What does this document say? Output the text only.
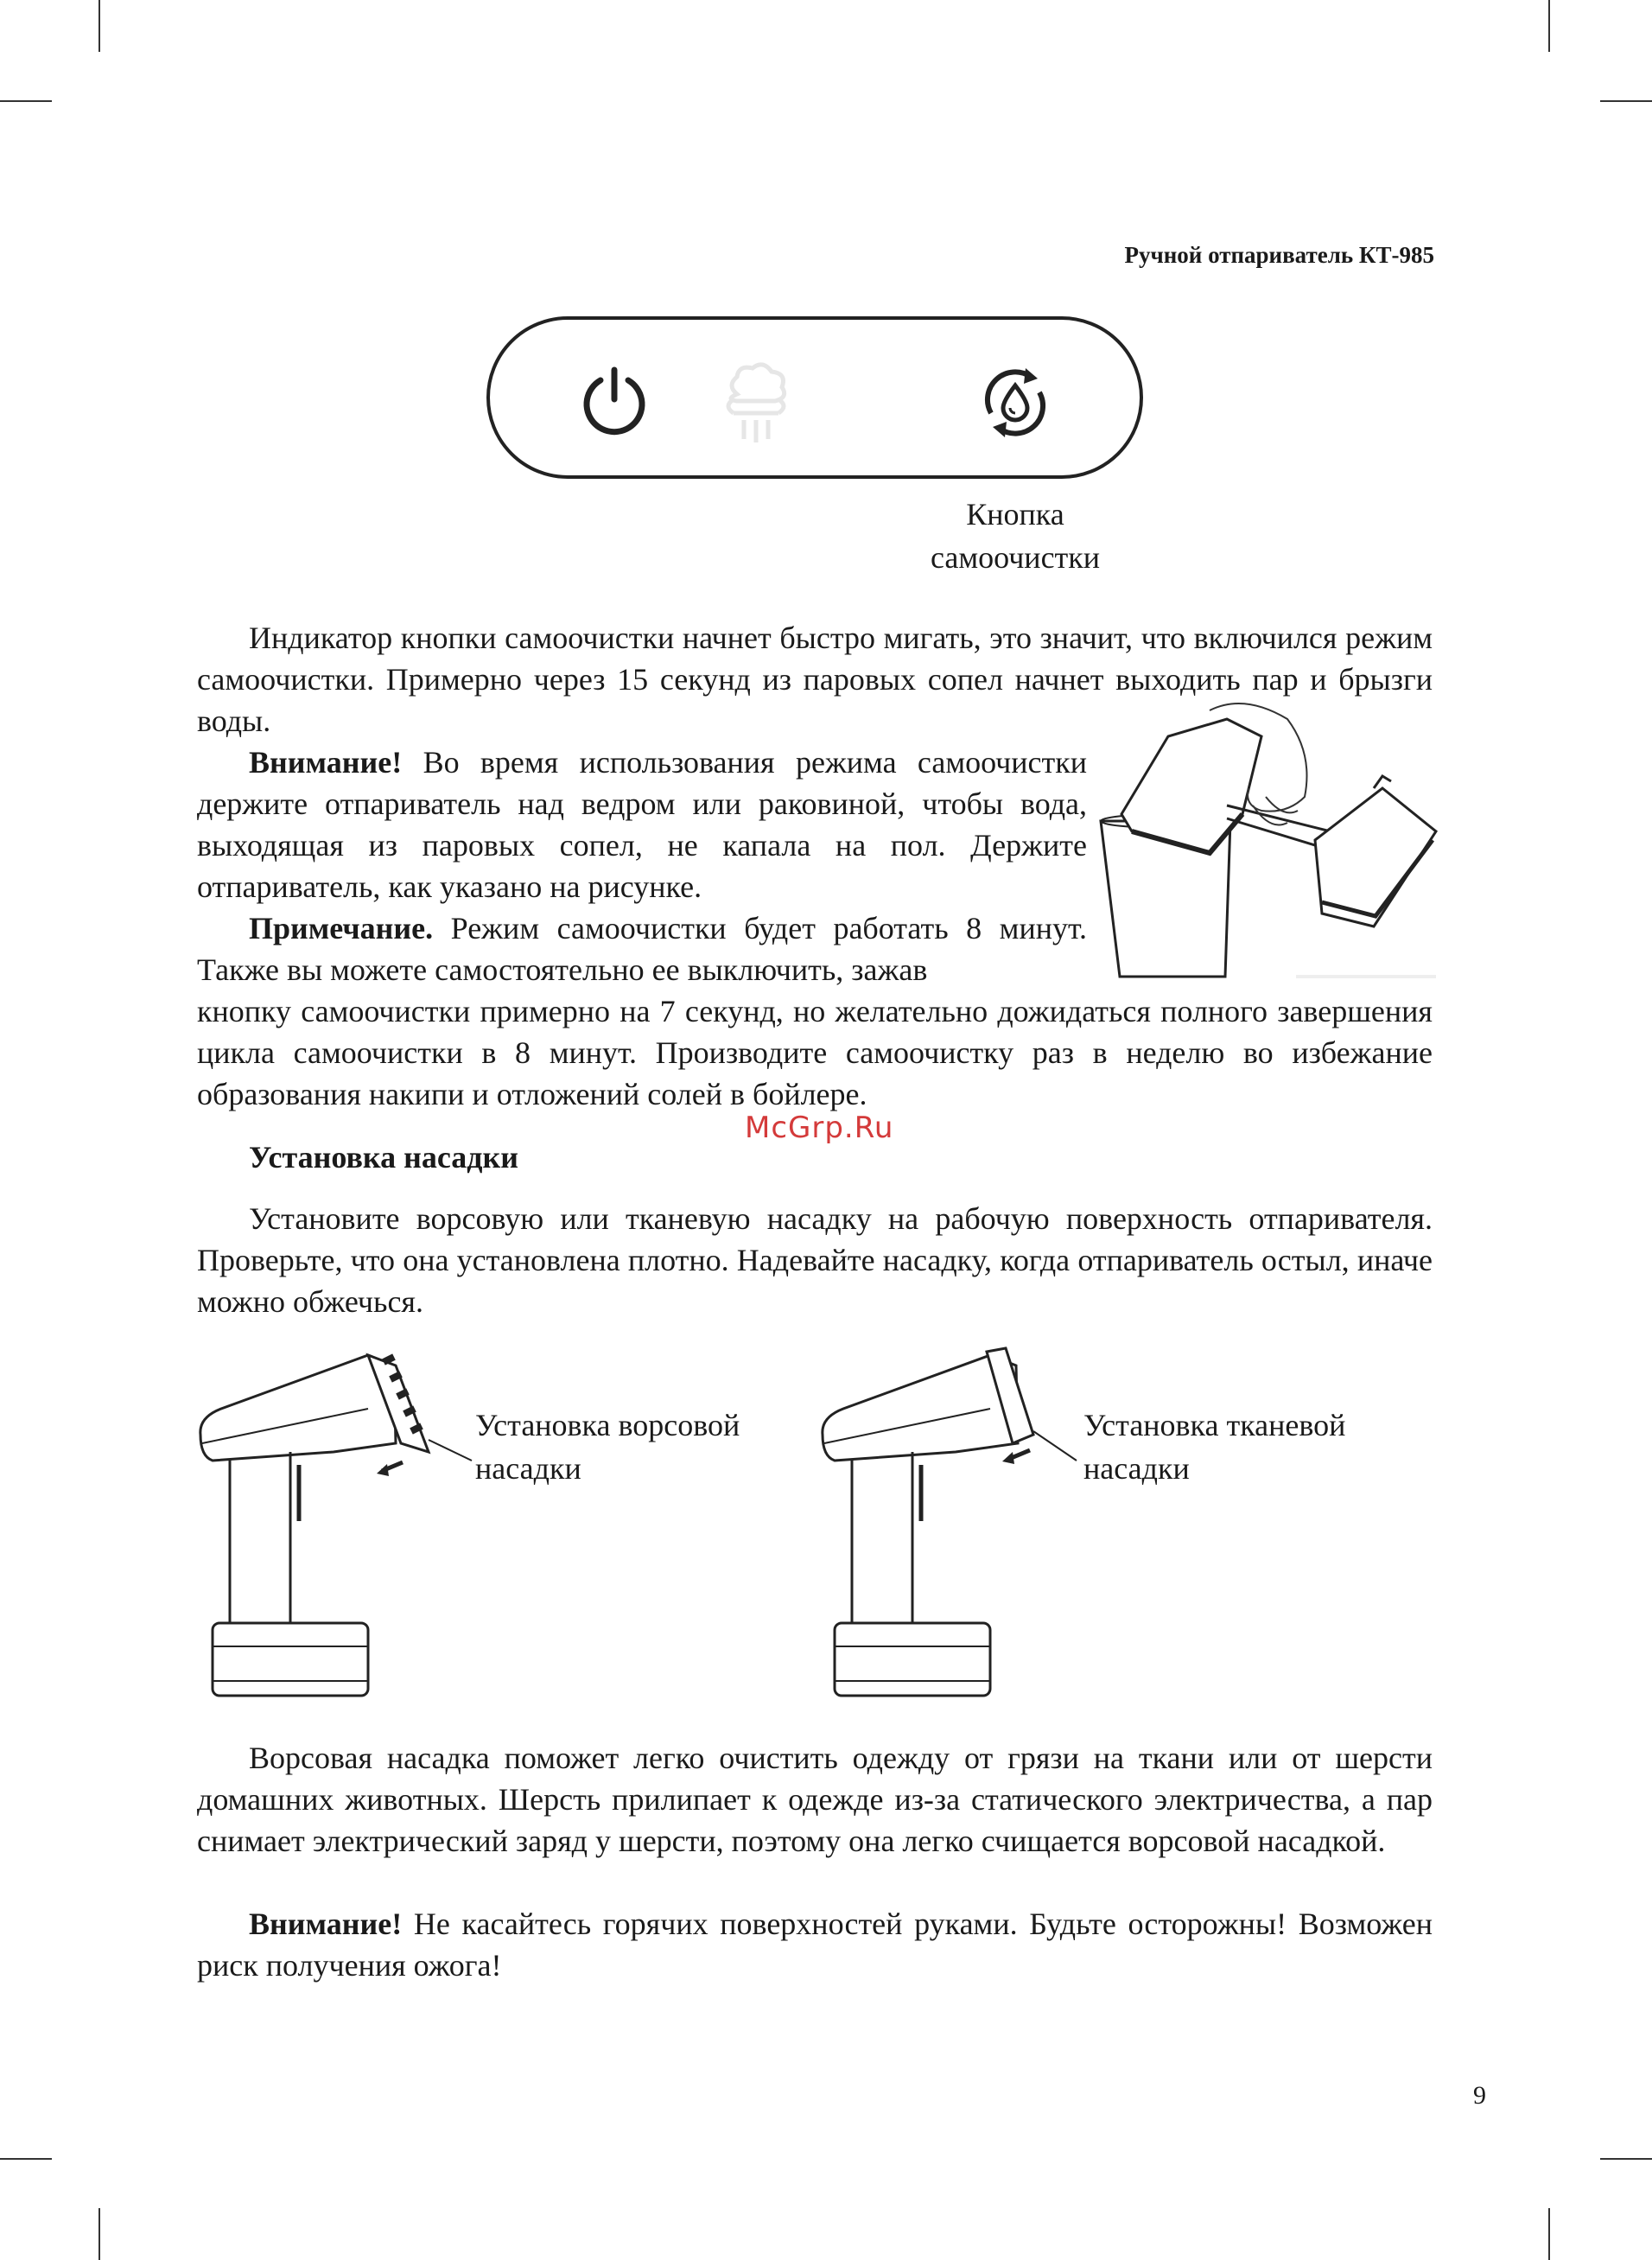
Ручной отпариватель КТ-985
Кнопка
самоочистки

Индикатор кнопки самоочистки начнет быстро мигать, это значит, что включился режим самоочистки. Примерно через 15 секунд из паровых сопел начнет выходить пар и брызги воды.

Внимание! Во время использования режима самоочистки держите отпариватель над ведром или раковиной, чтобы вода, выходящая из паровых сопел, не капала на пол. Держите отпариватель, как указано на рисунке.

Примечание. Режим самоочистки будет работать 8 минут. Также вы можете самостоятельно ее выключить, зажав

кнопку самоочистки примерно на 7 секунд, но желательно дожидаться полного завершения цикла самоочистки в 8 минут. Производите самоочистку раз в неделю во избежание образования накипи и отложений солей в бойлере.

McGrp.Ru
Установка насадки

Установите ворсовую или тканевую насадку на рабочую поверхность отпаривателя. Проверьте, что она установлена плотно. Надевайте насадку, когда отпариватель остыл, иначе можно обжечься.

Установка ворсовой
насадки
Установка тканевой
насадки

Ворсовая насадка поможет легко очистить одежду от грязи на ткани или от шерсти домашних животных. Шерсть прилипает к одежде из-за статического электричества, а пар снимает электрический заряд у шерсти, поэтому она легко счищается ворсовой насадкой.

Внимание! Не касайтесь горячих поверхностей руками. Будьте осторожны! Возможен риск получения ожога!

9
